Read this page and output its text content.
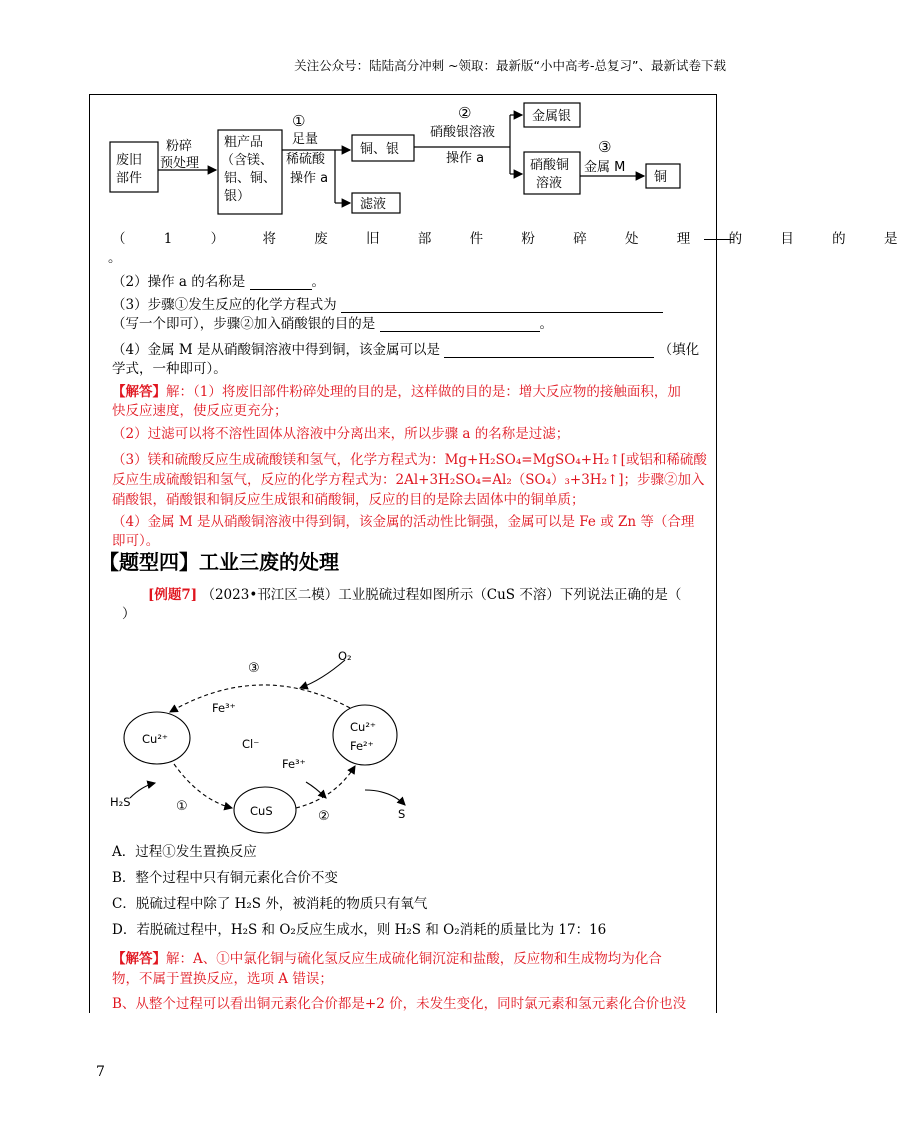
关注公众号：陆陆高分冲刺 ~领取：最新版“小中高考-总复习”、最新试卷下载
废旧
部件
粉碎
预处理
粗产品
（含镁、
铝、铜、
银）
①
足量
稀硫酸
操作 a
铜、银
滤液
②
硝酸银溶液
操作 a
金属银
硝酸铜
溶液
③
金属 M
铜
（ 1 ） 将 废 旧 部 件 粉 碎 处 理 的 目 的 是
。
（2）操作 a 的名称是	。
（3）步骤①发生反应的化学方程式为
（写一个即可），步骤②加入硝酸银的目的是	。
（4）金属 M 是从硝酸铜溶液中得到铜，该金属可以是	（填化
学式，一种即可）。
【解答】解：（1）将废旧部件粉碎处理的目的是，这样做的目的是：增大反应物的接触面积，加
快反应速度，使反应更充分；
（2）过滤可以将不溶性固体从溶液中分离出来，所以步骤 a 的名称是过滤；
（3）镁和硫酸反应生成硫酸镁和氢气，化学方程式为：Mg+H₂SO₄=MgSO₄+H₂↑[或铝和稀硫酸
反应生成硫酸铝和氢气，反应的化学方程式为：2Al+3H₂SO₄=Al₂（SO₄）₃+3H₂↑]；步骤②加入
硝酸银，硝酸银和铜反应生成银和硝酸铜，反应的目的是除去固体中的铜单质；
（4）金属 M 是从硝酸铜溶液中得到铜，该金属的活动性比铜强，金属可以是 Fe 或 Zn 等（合理
即可）。
【题型四】工业三废的处理
[例题7] （2023•邗江区二模）工业脱硫过程如图所示（CuS 不溶）下列说法正确的是（
）
O₂
③
Fe³⁺
Cu²⁺	Cl⁻
Cu²⁺
Fe²⁺
Fe³⁺
H₂S	①	CuS	②	S
A．过程①发生置换反应
B．整个过程中只有铜元素化合价不变
C．脱硫过程中除了 H₂S 外，被消耗的物质只有氧气
D．若脱硫过程中，H₂S 和 O₂反应生成水，则 H₂S 和 O₂消耗的质量比为 17：16
【解答】解：A、①中氯化铜与硫化氢反应生成硫化铜沉淀和盐酸，反应物和生成物均为化合
物，不属于置换反应，选项 A 错误；
B、从整个过程可以看出铜元素化合价都是+2 价，未发生变化，同时氯元素和氢元素化合价也没
7
